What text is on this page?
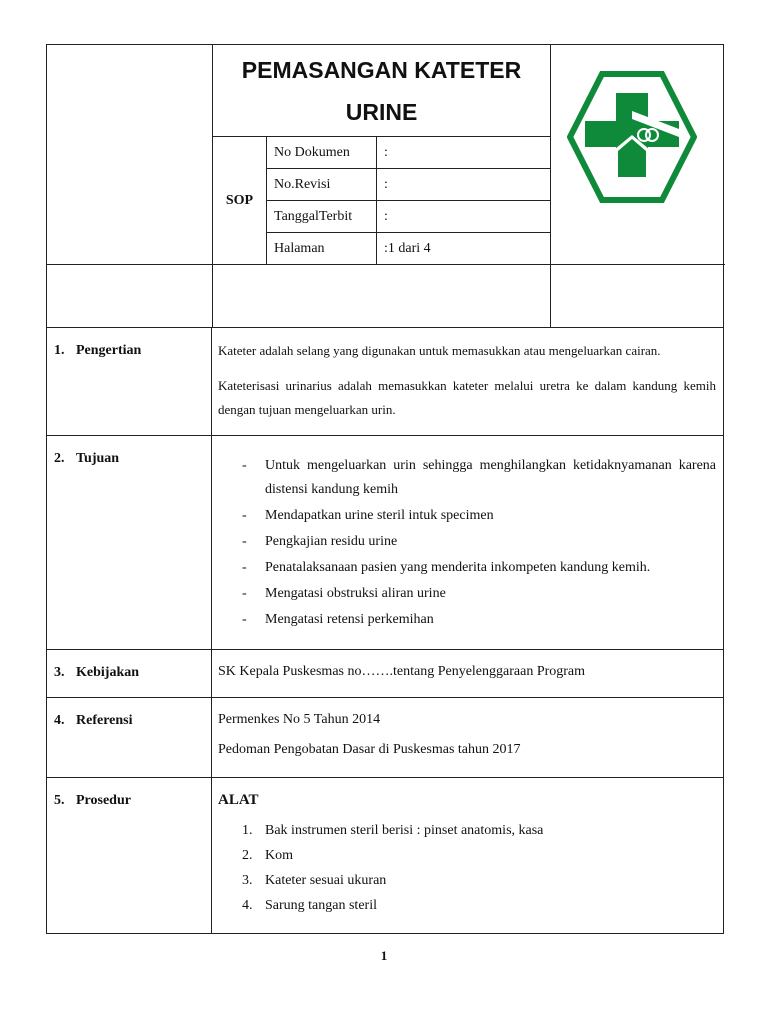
PEMASANGAN KATETER
URINE
SOP
No Dokumen :
No.Revisi	:
TanggalTerbit :
Halaman	:1 dari 4
1. Pengertian	Kateter adalah selang yang digunakan untuk memasukkan atau mengeluarkan cairan.

Kateterisasi urinarius adalah memasukkan kateter melalui uretra ke dalam kandung kemih dengan tujuan mengeluarkan urin.

2. Tujuan
-	Untuk mengeluarkan urin sehingga menghilangkan ketidaknyamanan karena distensi kandung kemih
- Mendapatkan urine steril intuk specimen
- Pengkajian residu urine
- Penatalaksanaan pasien yang menderita inkompeten kandung kemih.
- Mengatasi obstruksi aliran urine
- Mengatasi retensi perkemihan
3. Kebijakan	SK Kepala Puskesmas no…….tentang Penyelenggaraan Program

4. Referensi	Permenkes No 5 Tahun 2014

Pedoman Pengobatan Dasar di Puskesmas tahun 2017

5. Prosedur	ALAT

1. Bak instrumen steril berisi : pinset anatomis, kasa
2. Kom
3. Kateter sesuai ukuran
4. Sarung tangan steril
1
